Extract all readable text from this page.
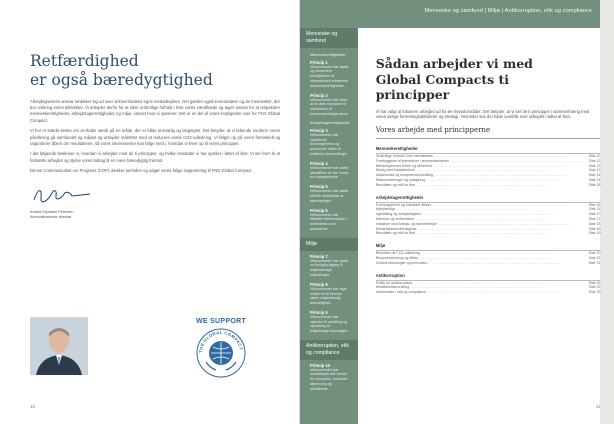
Retfærdighed
er også bæredygtighed

Arbejdsgiverens ansvar strækker sig ud over virksomhedens egne medarbejdere. Det gælder også leverandører og de mennesker, der bor omkring vores aktiviteter. Vi arbejder derfor for at sikre ordentlige forhold i hele vores værdikæde og tager ansvar for at respektere menneskerettigheder, arbejdstagerrettigheder og miljø, uanset hvor vi opererer. Det er en del af vores forpligtelse over for FN's Global Compact.

Vi har et stærkt ønske om at skabe værdi på en måde, der er både ansvarlig og langsigtet. Det betyder, at vi løbende vurderer vores påvirkning på samfundet og miljøet og arbejder målrettet med at reducere vores CO2-udledning. Vi følger op på vores fremskridt og rapporterer åbent om resultaterne, så vores interessenter kan følge med i, hvordan vi lever op til vores principper.

I det følgende beskriver vi, hvordan vi arbejder med de ti principper, og hvilke resultater vi har opnået i løbet af året. Vi ser frem til at fortsætte arbejdet og styrke vores bidrag til en mere bæredygtig fremtid.

Denne Communication on Progress (COP) dækker perioden og udgør vores årlige rapportering til FN's Global Compact.

Anders Nymann Petersen
Administrerende direktør
WE SUPPORT
THE GLOBAL COMPACT
10
Menneske og samfund | Miljø | Antikorruption, etik og compliance
Menneske og samfund
Menneskerettigheder
Princip 1
Virksomheder bør støtte og respektere beskyttelsen af internationalt erklærede menneskerettigheder.
Princip 2
Virksomheder bør sikre, at de ikke medvirker til krænkelser af menneskerettighederne.
Arbejdstagerrettigheder
Princip 3
Virksomheder bør opretholde foreningsfrihed og anerkende retten til kollektive forhandlinger.
Princip 4
Virksomheder bør støtte afskaffelse af alle former for tvangsarbejde.
Princip 5
Virksomheder bør støtte effektiv afskaffelse af børnearbejde.
Princip 6
Virksomheder bør afskaffe diskrimination i forbindelse med ansættelse.
Miljø
Princip 7
Virksomheder bør støtte en forsigtig tilgang til miljømæssige udfordringer.
Princip 8
Virksomheder bør tage initiativ til at fremme større miljømæssig ansvarlighed.
Princip 9
Virksomheder bør opfordre til udvikling og spredning af miljøvenlige teknologier.
Antikorruption, etik og compliance
Princip 10
Virksomheder bør modarbejde alle former for korruption, herunder afpresning og bestikkelse.
Sådan arbejder vi med
Global Compacts ti
principper

Vi har valgt at fokusere arbejdet ud fra tre hovedområder. Det betyder, at vi ser de ti principper i sammenhæng med vores øvrige forretningsaktiviteter og strategi. Herunder ses det fulde overblik over arbejdet i løbet af året.

Vores arbejde med principperne
Menneskerettigheder
Ordentlige forhold i hele værdikæden .....	Side 12
Forebyggelse af krænkelser i leverandørkæden .....	Side 12
Medarbejdernes trivsel og sikkerhed .....	Side 13
Dialog med lokalsamfund .....	Side 13
Uddannelse og kompetenceudvikling .....	Side 14
Risikovurderinger og opfølgning .....	Side 14
Resultater og mål for året .....	Side 15
Arbejdstagerrettigheder
Foreningsfrihed og kollektive aftaler .....	Side 16
Arbejdsmiljø .....	Side 16
Ligestilling og mangfoldighed .....	Side 17
Inklusion og fastholdelse .....	Side 17
Indsatser mod tvangs- og børnearbejde .....	Side 18
Medarbejderundersøgelse .....	Side 18
Resultater og mål for året .....	Side 19
Miljø
Reduktion af CO2-udledning .....	Side 20
Ressourceforbrug og affald .....	Side 21
Grønne teknologier og innovation .....	Side 21
Antikorruption
Politik for antikorruption .....	Side 22
Whistleblowerordning .....	Side 22
Uddannelse i etik og compliance .....	Side 23
11
